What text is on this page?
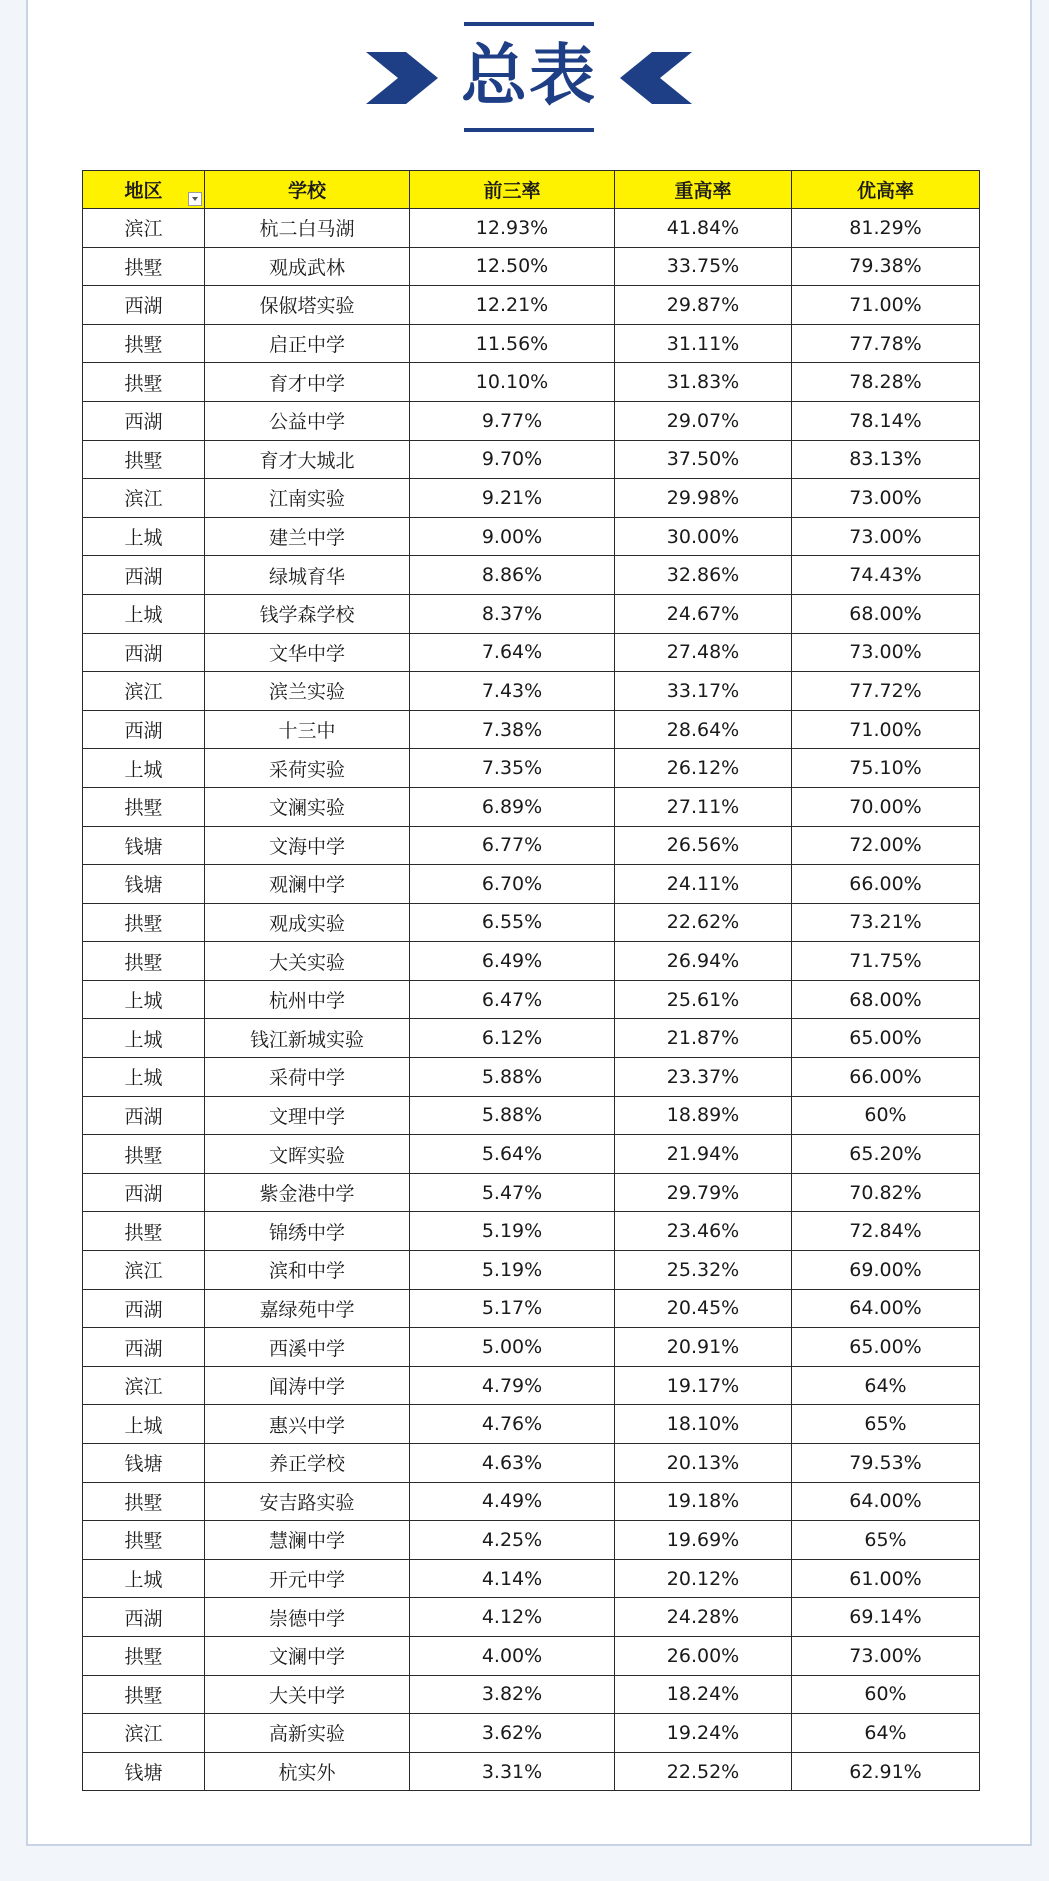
总表
地区	学校	前三率	重高率	优高率
滨江	杭二白马湖	12.93%	41.84%	81.29%
拱墅	观成武林	12.50%	33.75%	79.38%
西湖	保俶塔实验	12.21%	29.87%	71.00%
拱墅	启正中学	11.56%	31.11%	77.78%
拱墅	育才中学	10.10%	31.83%	78.28%
西湖	公益中学	9.77%	29.07%	78.14%
拱墅	育才大城北	9.70%	37.50%	83.13%
滨江	江南实验	9.21%	29.98%	73.00%
上城	建兰中学	9.00%	30.00%	73.00%
西湖	绿城育华	8.86%	32.86%	74.43%
上城	钱学森学校	8.37%	24.67%	68.00%
西湖	文华中学	7.64%	27.48%	73.00%
滨江	滨兰实验	7.43%	33.17%	77.72%
西湖	十三中	7.38%	28.64%	71.00%
上城	采荷实验	7.35%	26.12%	75.10%
拱墅	文澜实验	6.89%	27.11%	70.00%
钱塘	文海中学	6.77%	26.56%	72.00%
钱塘	观澜中学	6.70%	24.11%	66.00%
拱墅	观成实验	6.55%	22.62%	73.21%
拱墅	大关实验	6.49%	26.94%	71.75%
上城	杭州中学	6.47%	25.61%	68.00%
上城	钱江新城实验	6.12%	21.87%	65.00%
上城	采荷中学	5.88%	23.37%	66.00%
西湖	文理中学	5.88%	18.89%	60%
拱墅	文晖实验	5.64%	21.94%	65.20%
西湖	紫金港中学	5.47%	29.79%	70.82%
拱墅	锦绣中学	5.19%	23.46%	72.84%
滨江	滨和中学	5.19%	25.32%	69.00%
西湖	嘉绿苑中学	5.17%	20.45%	64.00%
西湖	西溪中学	5.00%	20.91%	65.00%
滨江	闻涛中学	4.79%	19.17%	64%
上城	惠兴中学	4.76%	18.10%	65%
钱塘	养正学校	4.63%	20.13%	79.53%
拱墅	安吉路实验	4.49%	19.18%	64.00%
拱墅	慧澜中学	4.25%	19.69%	65%
上城	开元中学	4.14%	20.12%	61.00%
西湖	崇德中学	4.12%	24.28%	69.14%
拱墅	文澜中学	4.00%	26.00%	73.00%
拱墅	大关中学	3.82%	18.24%	60%
滨江	高新实验	3.62%	19.24%	64%
钱塘	杭实外	3.31%	22.52%	62.91%
